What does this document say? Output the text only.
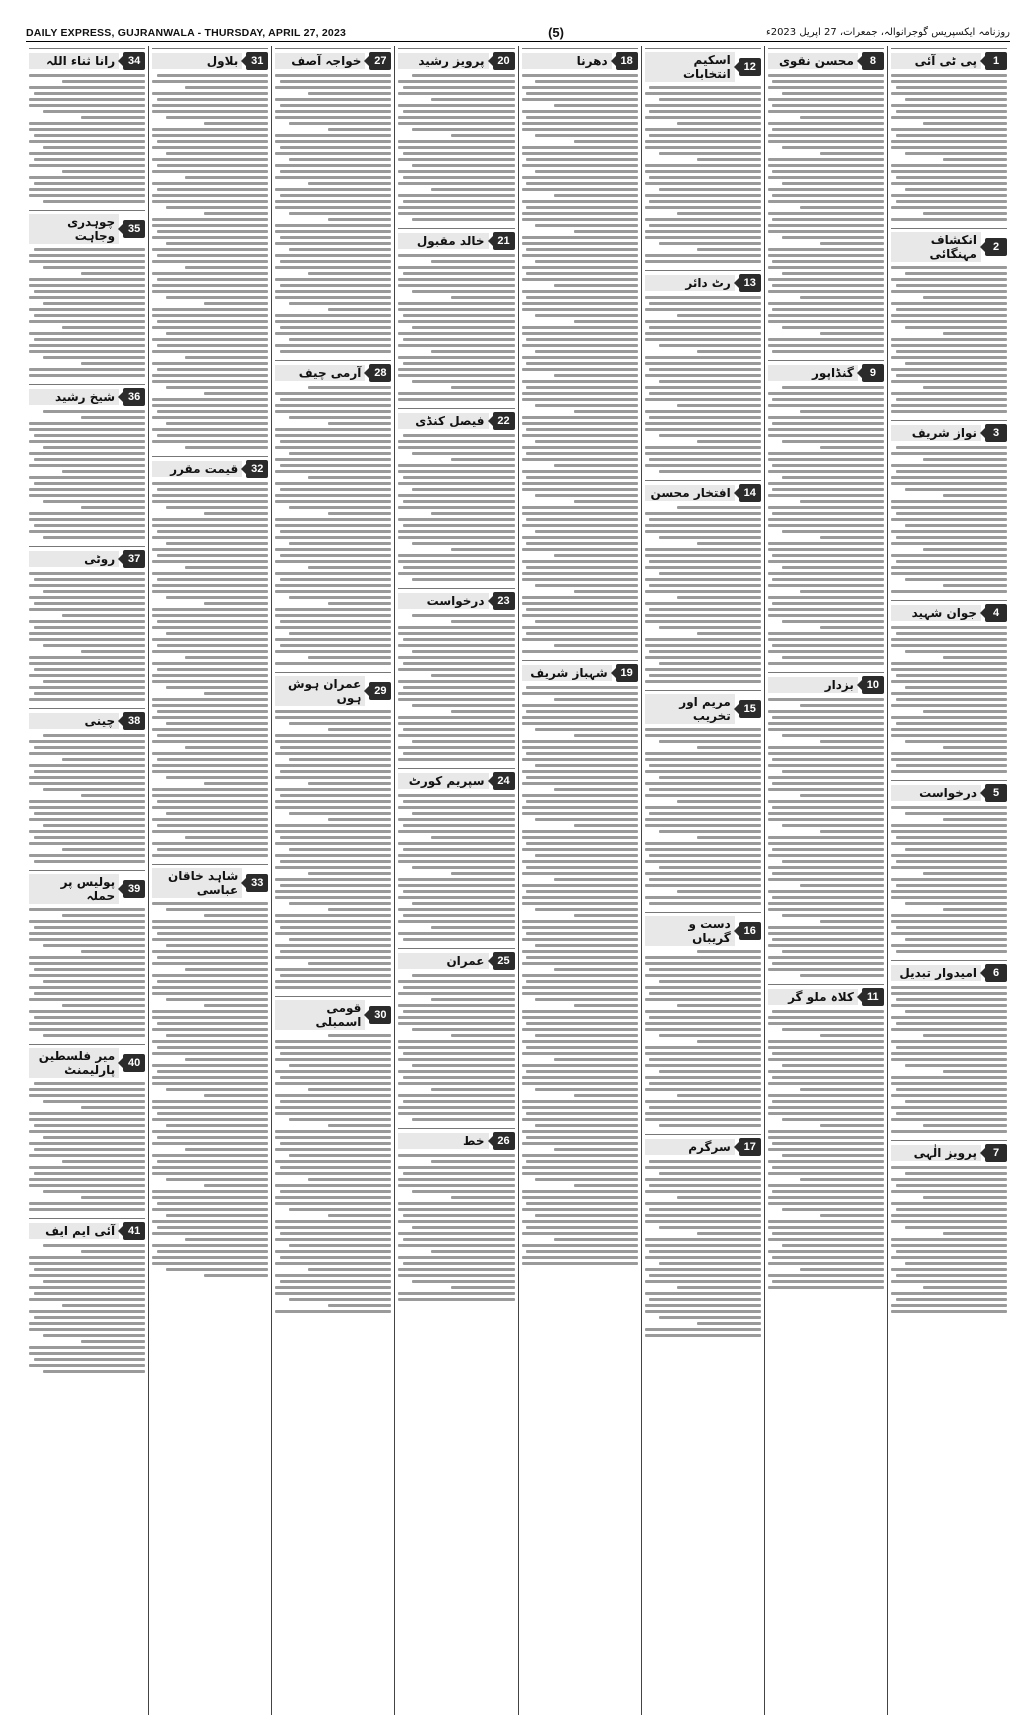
DAILY EXPRESS, GUJRANWALA - THURSDAY, APRIL 27, 2023	(5)	روزنامہ ایکسپریس گوجرانوالہ، جمعرات، 27 اپریل 2023ء
1
پی ٹی آئی
2
انکشاف مہنگائی
3
نواز شریف
4
جوان شہید
5
درخواست
6
امیدوار تبدیل
7
پرویز الٰہی
8
محسن نقوی
9
گنڈاپور
10
بزدار
11
کلاہ ملو گر
12
اسکیم انتخابات
13
رٹ دائر
14
افتخار محسن
15
مریم اور تخریب
16
دست و گریباں
17
سرگرم
18
دھرنا
19
شہباز شریف
20
پرویز رشید
21
خالد مقبول
22
فیصل کنڈی
23
درخواست
24
سپریم کورٹ
25
عمران
26
خط
27
خواجہ آصف
28
آرمی چیف
29
عمران ہوش ہوں
30
قومی اسمبلی
31
بلاول
32
قیمت مقرر
33
شاہد خاقان عباسی
34
رانا ثناء اللہ
35
چوہدری وجاہت
36
شیخ رشید
37
روٹی
38
چینی
39
پولیس پر حملہ
40
میر فلسطین پارلیمنٹ
41
آئی ایم ایف
